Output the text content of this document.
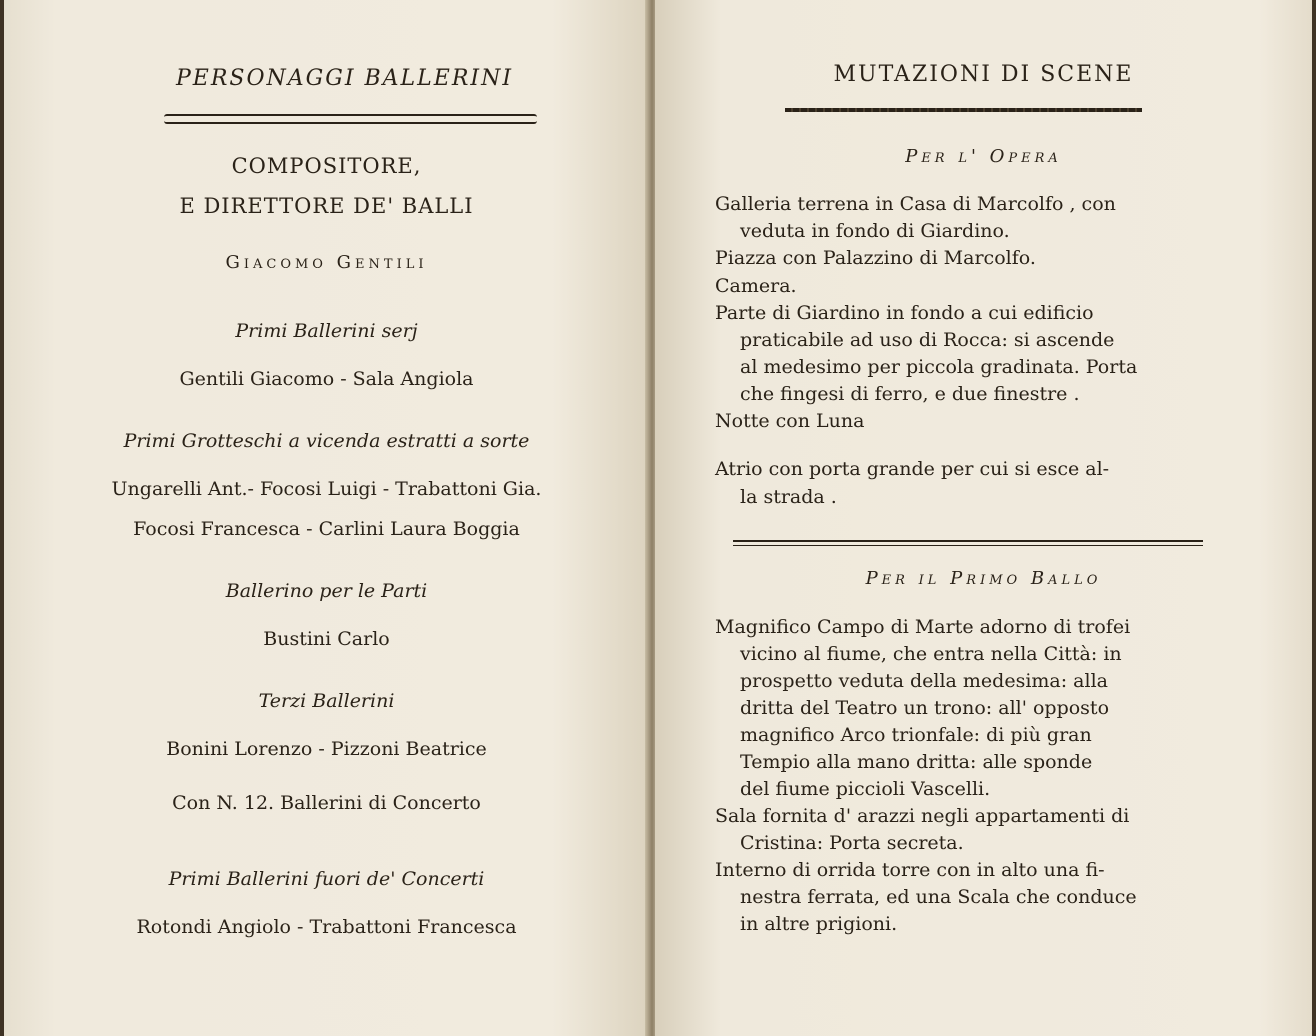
PERSONAGGI BALLERINI
COMPOSITORE,
E DIRETTORE DE' BALLI
Giacomo Gentili
Primi Ballerini serj
Gentili Giacomo - Sala Angiola
Primi Grotteschi a vicenda estratti a sorte
Ungarelli Ant.- Focosi Luigi - Trabattoni Gia.
Focosi Francesca - Carlini Laura Boggia
Ballerino per le Parti
Bustini Carlo
Terzi Ballerini
Bonini Lorenzo - Pizzoni Beatrice
Con N. 12. Ballerini di Concerto
Primi Ballerini fuori de' Concerti
Rotondi Angiolo - Trabattoni Francesca
MUTAZIONI DI SCENE
Per l' Opera
Galleria terrena in Casa di Marcolfo , con
veduta in fondo di Giardino.
Piazza con Palazzino di Marcolfo.
Camera.
Parte di Giardino in fondo a cui edificio
praticabile ad uso di Rocca: si ascende
al medesimo per piccola gradinata. Porta
che fingesi di ferro, e due finestre .
Notte con Luna
Atrio con porta grande per cui si esce al-
la strada .
Per il Primo Ballo
Magnifico Campo di Marte adorno di trofei
vicino al fiume, che entra nella Città: in
prospetto veduta della medesima: alla
dritta del Teatro un trono: all' opposto
magnifico Arco trionfale: di più gran
Tempio alla mano dritta: alle sponde
del fiume piccioli Vascelli.
Sala fornita d' arazzi negli appartamenti di
Cristina: Porta secreta.
Interno di orrida torre con in alto una fi-
nestra ferrata, ed una Scala che conduce
in altre prigioni.
